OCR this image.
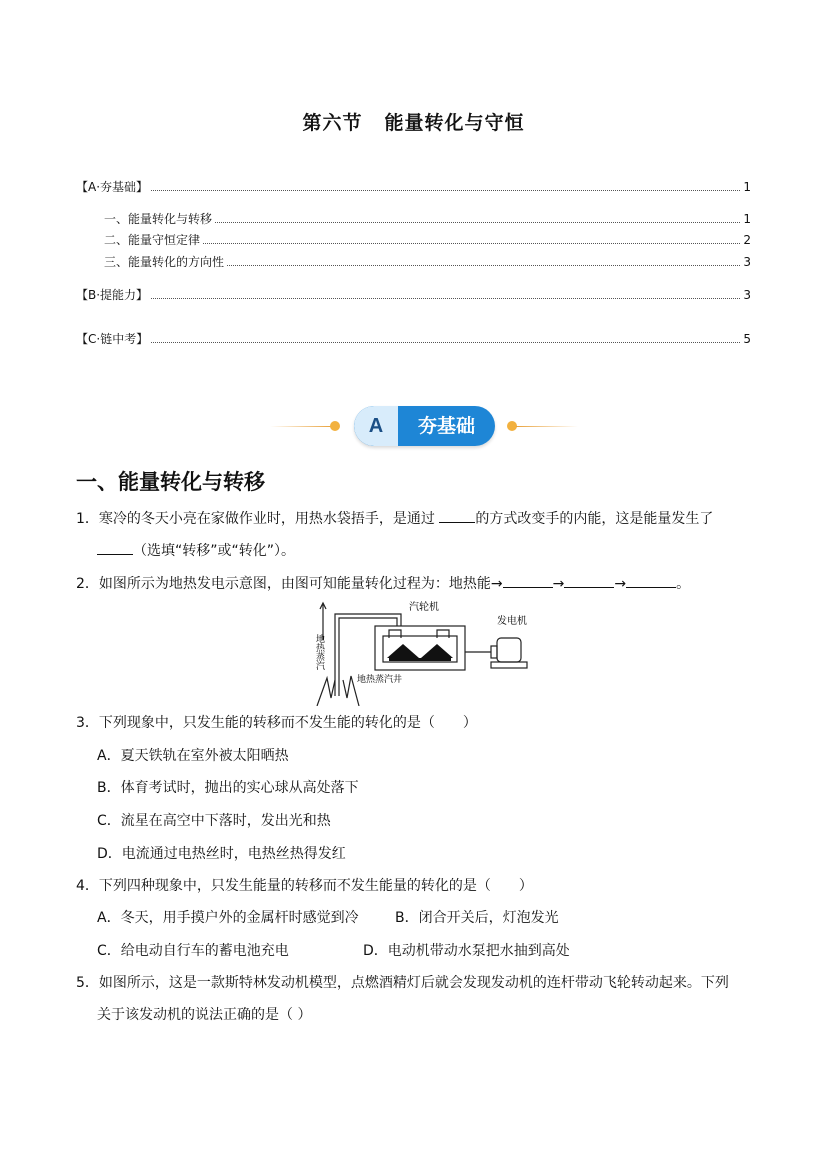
第六节 能量转化与守恒
【A·夯基础】	1
一、能量转化与转移	1
二、能量守恒定律	2
三、能量转化的方向性	3
【B·提能力】	3
【C·链中考】	5
A	夯基础
一、能量转化与转移
1．寒冷的冬天小亮在家做作业时，用热水袋捂手，是通过	的方式改变手的内能，这是能量发生了
（选填“转移”或“转化”）。
2．如图所示为地热发电示意图，由图可知能量转化过程为：地热能→	→	→	。
汽轮机
发电机
地热蒸汽井
地热蒸汽
3．下列现象中，只发生能的转移而不发生能的转化的是（　　）
A．夏天铁轨在室外被太阳晒热
B．体育考试时，抛出的实心球从高处落下
C．流星在高空中下落时，发出光和热
D．电流通过电热丝时，电热丝热得发红
4．下列四种现象中，只发生能量的转移而不发生能量的转化的是（　　）
A．冬天，用手摸户外的金属杆时感觉到冷	B．闭合开关后，灯泡发光
C．给电动自行车的蓄电池充电	D．电动机带动水泵把水抽到高处
5．如图所示，这是一款斯特林发动机模型，点燃酒精灯后就会发现发动机的连杆带动飞轮转动起来。下列
关于该发动机的说法正确的是（ ）
